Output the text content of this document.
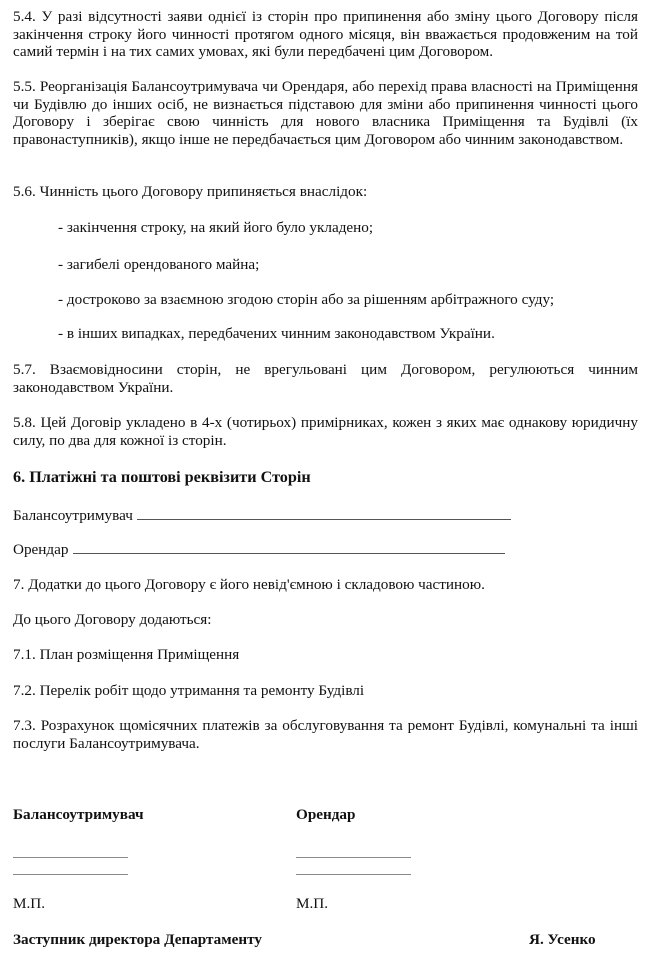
5.4. У разі відсутності заяви однієї із сторін про припинення або зміну цього Договору після закінчення строку його чинності протягом одного місяця, він вважається продовженим на той самий термін і на тих самих умовах, які були передбачені цим Договором.
5.5. Реорганізація Балансоутримувача чи Орендаря, або перехід права власності на Приміщення чи Будівлю до інших осіб, не визнається підставою для зміни або припинення чинності цього Договору і зберігає свою чинність для нового власника Приміщення та Будівлі (їх правонаступників), якщо інше не передбачається цим Договором або чинним законодавством.
5.6. Чинність цього Договору припиняється внаслідок:
- закінчення строку, на який його було укладено;
- загибелі орендованого майна;
- достроково за взаємною згодою сторін або за рішенням арбітражного суду;
- в інших випадках, передбачених чинним законодавством України.
5.7. Взаємовідносини сторін, не врегульовані цим Договором, регулюються чинним законодавством України.
5.8. Цей Договір укладено в 4-х (чотирьох) примірниках, кожен з яких має однакову юридичну силу, по два для кожної із сторін.
6. Платіжні та поштові реквізити Сторін
Балансоутримувач
Орендар
7. Додатки до цього Договору є його невід'ємною і складовою частиною.
До цього Договору додаються:
7.1. План розміщення Приміщення
7.2. Перелік робіт щодо утримання та ремонту Будівлі
7.3. Розрахунок щомісячних платежів за обслуговування та ремонт Будівлі, комунальні та інші послуги Балансоутримувача.
Балансоутримувач	Орендар
М.П.	М.П.
Заступник директора Департаменту	Я. Усенко
